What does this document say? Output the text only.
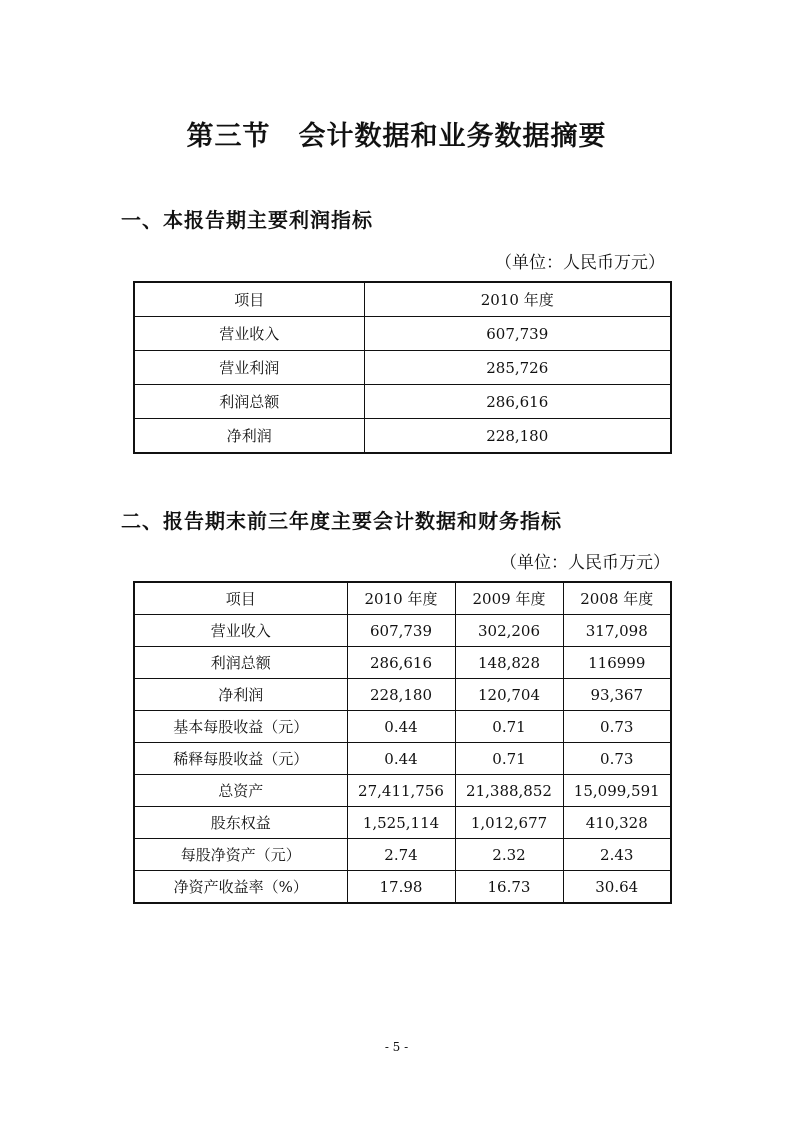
第三节　会计数据和业务数据摘要
一、本报告期主要利润指标
（单位：人民币万元）
项目	2010 年度
营业收入	607,739
营业利润	285,726
利润总额	286,616
净利润	228,180
二、报告期末前三年度主要会计数据和财务指标
（单位：人民币万元）
项目	2010 年度	2009 年度	2008 年度
营业收入	607,739	302,206	317,098
利润总额	286,616	148,828	116999
净利润	228,180	120,704	93,367
基本每股收益（元）	0.44	0.71	0.73
稀释每股收益（元）	0.44	0.71	0.73
总资产	27,411,756	21,388,852	15,099,591
股东权益	1,525,114	1,012,677	410,328
每股净资产（元）	2.74	2.32	2.43
净资产收益率（%）	17.98	16.73	30.64
- 5 -
